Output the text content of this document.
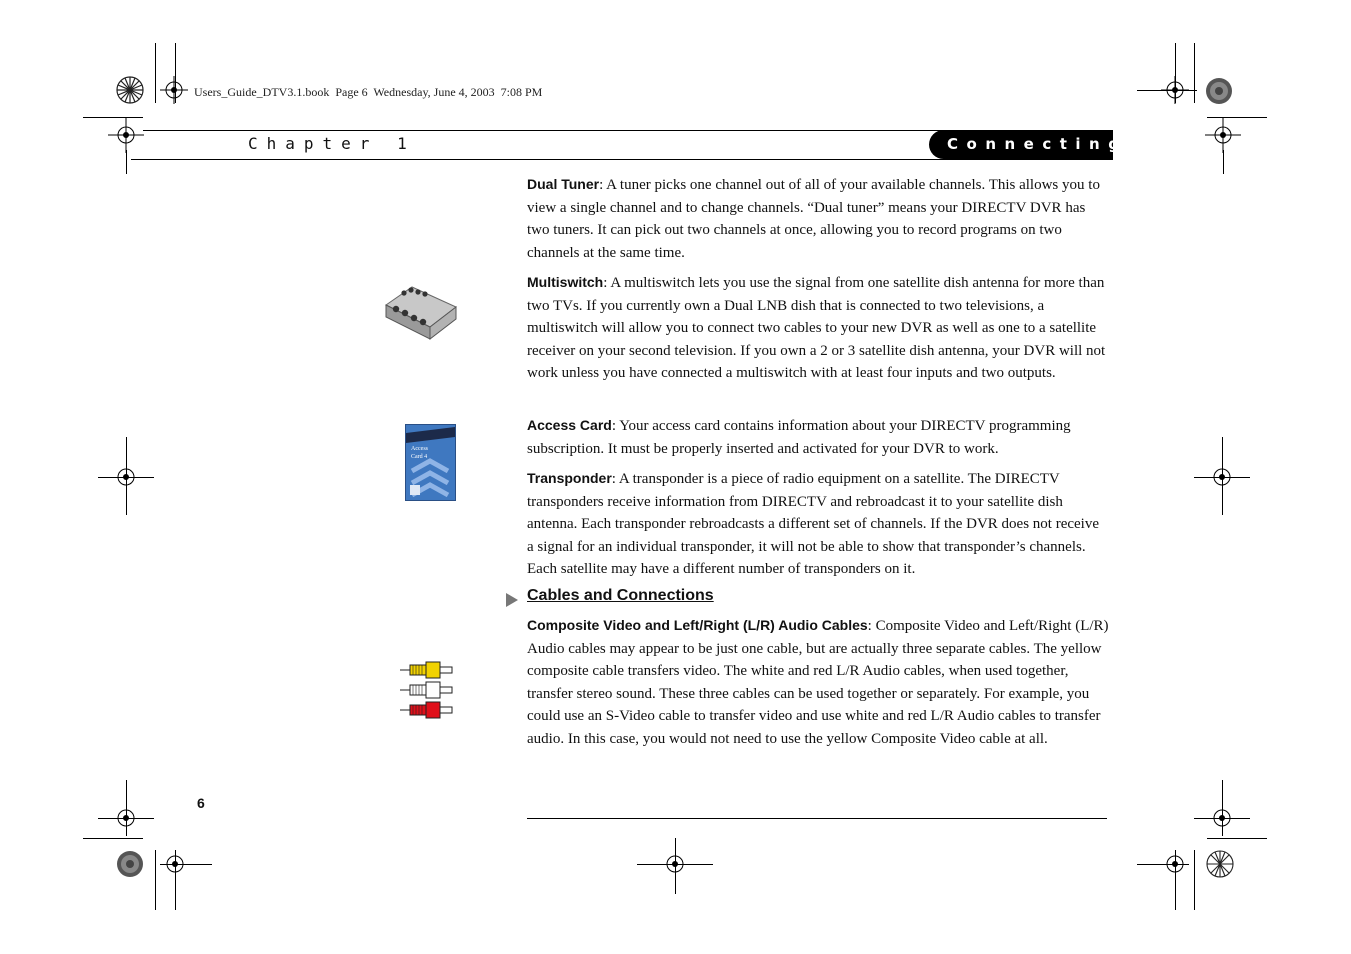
Users_Guide_DTV3.1.book  Page 6  Wednesday, June 4, 2003  7:08 PM
Chapter 1	Connecting
Access
Card 4

Dual Tuner: A tuner picks one channel out of all of your available channels. This allows you to view a single channel and to change channels. “Dual tuner” means your DIRECTV DVR has two tuners. It can pick out two channels at once, allowing you to record programs on two channels at the same time.

Multiswitch: A multiswitch lets you use the signal from one satellite dish antenna for more than two TVs. If you currently own a Dual LNB dish that is connected to two televisions, a multiswitch will allow you to connect two cables to your new DVR as well as one to a satellite receiver on your second television. If you own a 2 or 3 satellite dish antenna, your DVR will not work unless you have connected a multiswitch with at least four inputs and two outputs.

Access Card: Your access card contains information about your DIRECTV programming subscription. It must be properly inserted and activated for your DVR to work.

Transponder: A transponder is a piece of radio equipment on a satellite. The DIRECTV transponders receive information from DIRECTV and rebroadcast it to your satellite dish antenna. Each transponder rebroadcasts a different set of channels. If the DVR does not receive a signal for an individual transponder, it will not be able to show that transponder’s channels. Each satellite may have a different number of transponders on it.

Cables and Connections

Composite Video and Left/Right (L/R) Audio Cables: Composite Video and Left/Right (L/R) Audio cables may appear to be just one cable, but are actually three separate cables. The yellow composite cable transfers video. The white and red L/R Audio cables, when used together, transfer stereo sound. These three cables can be used together or separately. For example, you could use an S-Video cable to transfer video and use white and red L/R Audio cables to transfer audio. In this case, you would not need to use the yellow Composite Video cable at all.

6
